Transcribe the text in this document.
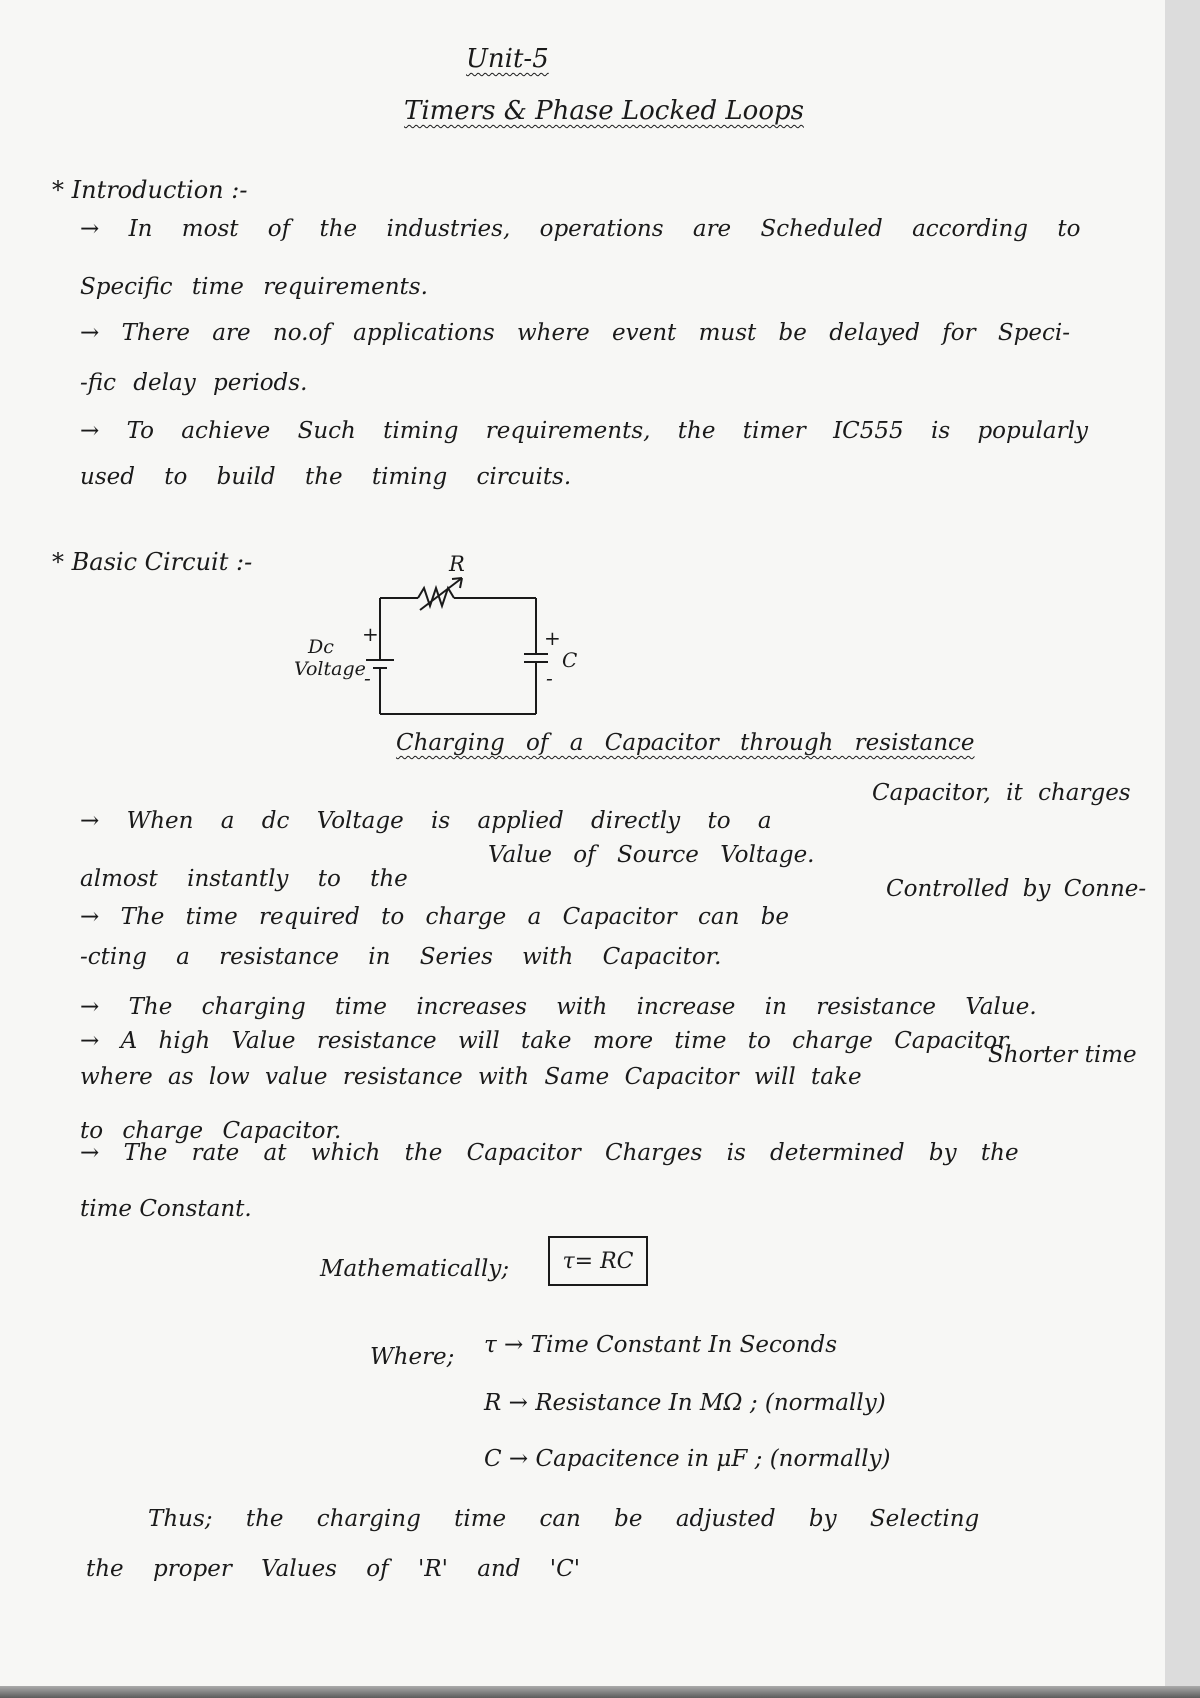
Unit-5
Timers & Phase Locked Loops
* Introduction :-
→ In most of the industries, operations are Scheduled according to
Specific time requirements.
→ There are no.of applications where event must be delayed for Speci-
-fic delay periods.
→ To achieve Such timing requirements, the timer IC555 is popularly
used to build the timing circuits.
* Basic Circuit :-	R
+
-
Dc
Voltage
+
-
C
Charging of a Capacitor through resistance
Capacitor, it charges
→ When a dc Voltage is applied directly to a
Value of Source Voltage.
almost instantly to the	Controlled by Conne-
→ The time required to charge a Capacitor can be
-cting a resistance in Series with Capacitor.
→ The charging time increases with increase in resistance Value.
→ A high Value resistance will take more time to charge Capacitor
Shorter time
where as low value resistance with Same Capacitor will take
to charge Capacitor.
→ The rate at which the Capacitor Charges is determined by the
time Constant.
Mathematically;	τ= RC
Where; τ → Time Constant In Seconds
R → Resistance In MΩ ; (normally)
C → Capacitence in μF ; (normally)
Thus; the charging time can be adjusted by Selecting
the proper Values of 'R' and 'C'
